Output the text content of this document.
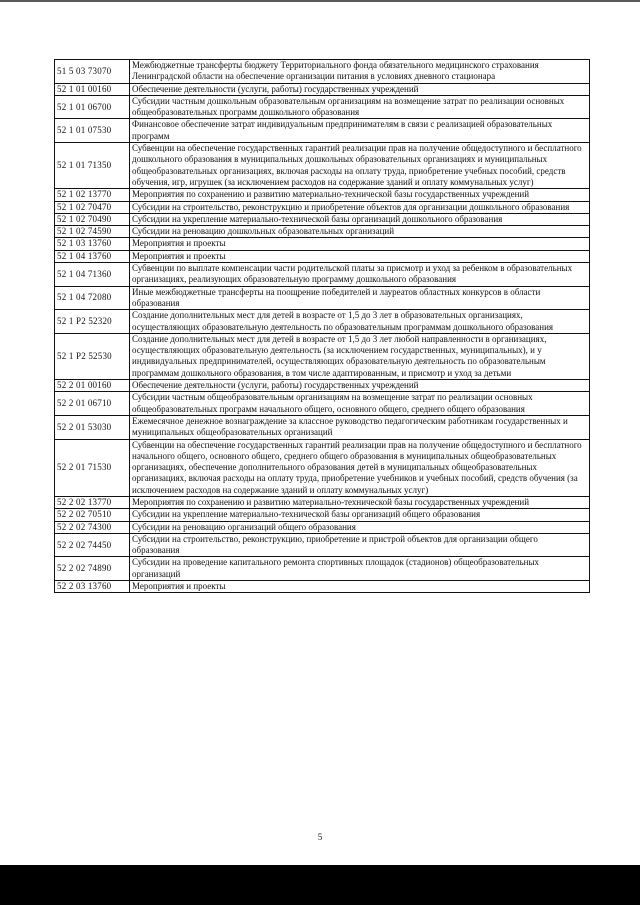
51 5 03 73070	Межбюджетные трансферты бюджету Территориального фонда обязательного медицинского страхования Ленинградской области на обеспечение организации питания в условиях дневного стационара
52 1 01 00160	Обеспечение деятельности (услуги, работы) государственных учреждений
52 1 01 06700	Субсидии частным дошкольным образовательным организациям на возмещение затрат по реализации основных общеобразовательных программ дошкольного образования
52 1 01 07530	Финансовое обеспечение затрат индивидуальным предпринимателям в связи с реализацией образовательных программ
52 1 01 71350	Субвенции на обеспечение государственных гарантий реализации прав на получение общедоступного и бесплатного дошкольного образования в муниципальных дошкольных образовательных организациях и муниципальных общеобразовательных организациях, включая расходы на оплату труда, приобретение учебных пособий, средств обучения, игр, игрушек (за исключением расходов на содержание зданий и оплату коммунальных услуг)
52 1 02 13770	Мероприятия по сохранению и развитию материально-технической базы государственных учреждений
52 1 02 70470	Субсидии на строительство, реконструкцию и приобретение объектов для организации дошкольного образования
52 1 02 70490	Субсидии на укрепление материально-технической базы организаций дошкольного образования
52 1 02 74590	Субсидии на реновацию дошкольных образовательных организаций
52 1 03 13760	Мероприятия и проекты
52 1 04 13760	Мероприятия и проекты
52 1 04 71360	Субвенции по выплате компенсации части родительской платы за присмотр и уход за ребенком в образовательных организациях, реализующих образовательную программу дошкольного образования
52 1 04 72080	Иные межбюджетные трансферты на поощрение победителей и лауреатов областных конкурсов в области образования
52 1 P2 52320	Создание дополнительных мест для детей в возрасте от 1,5 до 3 лет в образовательных организациях, осуществляющих образовательную деятельность по образовательным программам дошкольного образования
52 1 P2 52530	Создание дополнительных мест для детей в возрасте от 1,5 до 3 лет любой направленности в организациях, осуществляющих образовательную деятельность (за исключением государственных, муниципальных), и у индивидуальных предпринимателей, осуществляющих образовательную деятельность по образовательным программам дошкольного образования, в том числе адаптированным, и присмотр и уход за детьми
52 2 01 00160	Обеспечение деятельности (услуги, работы) государственных учреждений
52 2 01 06710	Субсидии частным общеобразовательным организациям на возмещение затрат по реализации основных общеобразовательных программ начального общего, основного общего, среднего общего образования
52 2 01 53030	Ежемесячное денежное вознаграждение за классное руководство педагогическим работникам государственных и муниципальных общеобразовательных организаций
52 2 01 71530	Субвенции на обеспечение государственных гарантий реализации прав на получение общедоступного и бесплатного начального общего, основного общего, среднего общего образования в муниципальных общеобразовательных организациях, обеспечение дополнительного образования детей в муниципальных общеобразовательных организациях, включая расходы на оплату труда, приобретение учебников и учебных пособий, средств обучения (за исключением расходов на содержание зданий и оплату коммунальных услуг)
52 2 02 13770	Мероприятия по сохранению и развитию материально-технической базы государственных учреждений
52 2 02 70510	Субсидии на укрепление материально-технической базы организаций общего образования
52 2 02 74300	Субсидии на реновацию организаций общего образования
52 2 02 74450	Субсидии на строительство, реконструкцию, приобретение и пристрой объектов для организации общего образования
52 2 02 74890	Субсидии на проведение капитального ремонта спортивных площадок (стадионов) общеобразовательных организаций
52 2 03 13760	Мероприятия и проекты
5
